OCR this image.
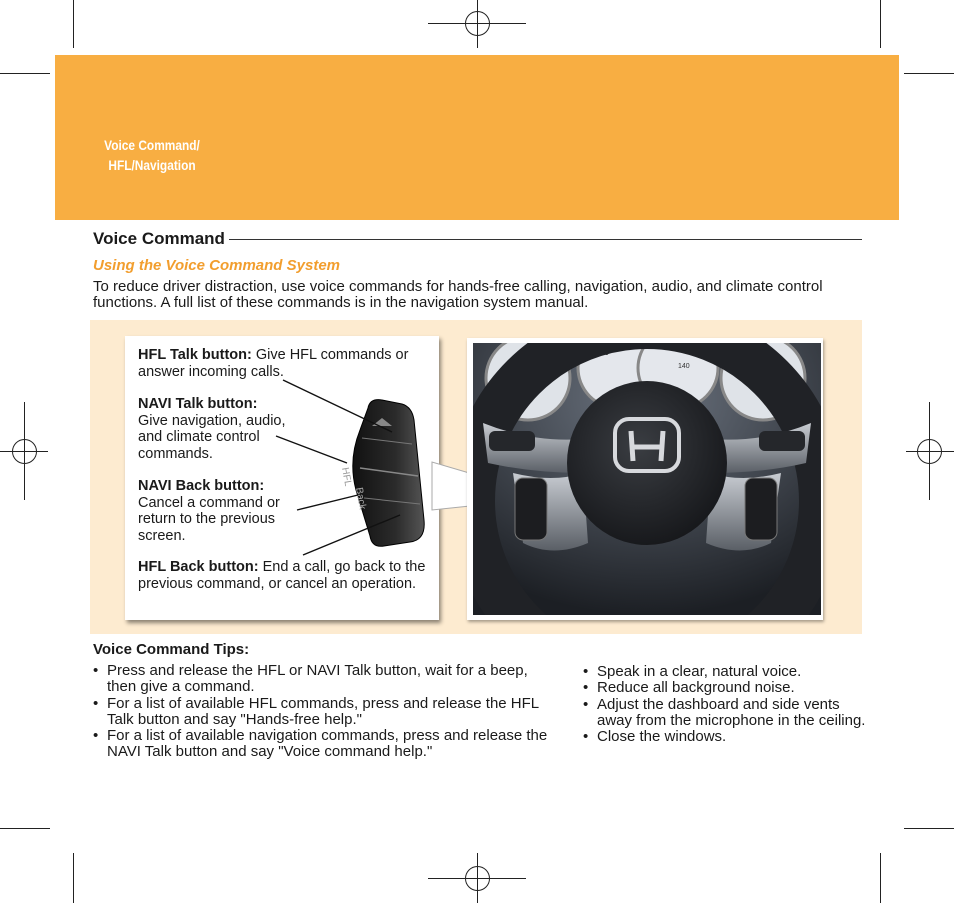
Voice Command/
HFL/Navigation
Voice Command
Using the Voice Command System
To reduce driver distraction, use voice commands for hands-free calling, navigation, audio, and climate control functions. A full list of these commands is in the navigation system manual.
HFL Talk button: Give HFL commands or answer incoming calls.
NAVI Talk button:
Give navigation, audio, and climate control commands.
NAVI Back button:
Cancel a command or return to the previous screen.
HFL Back button: End a call, go back to the previous command, or cancel an operation.
HFL
Back
20	120
140
F	H
C
Voice Command Tips:
• Press and release the HFL or NAVI Talk button, wait for a beep, then give a command.
• For a list of available HFL commands, press and release the HFL Talk button and say "Hands-free help."
• For a list of available navigation commands, press and release the NAVI Talk button and say "Voice command help."
• Speak in a clear, natural voice.
• Reduce all background noise.
• Adjust the dashboard and side vents away from the microphone in the ceiling.
• Close the windows.
